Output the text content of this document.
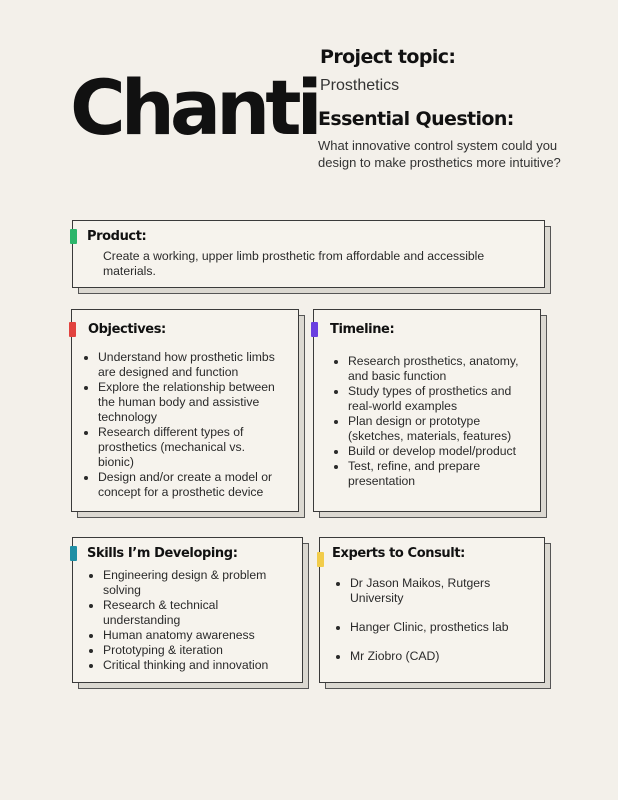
Chanti
Project topic:
Prosthetics
Essential Question:
What innovative control system could you design to make prosthetics more intuitive?
Product:
Create a working, upper limb prosthetic from affordable and accessible materials.
Objectives:
• Understand how prosthetic limbs are designed and function
• Explore the relationship between the human body and assistive technology
• Research different types of prosthetics (mechanical vs. bionic)
• Design and/or create a model or concept for a prosthetic device
Timeline:
• Research prosthetics, anatomy, and basic function
• Study types of prosthetics and real-world examples
• Plan design or prototype (sketches, materials, features)
• Build or develop model/product
• Test, refine, and prepare presentation
Skills I’m Developing:
• Engineering design & problem solving
• Research & technical understanding
• Human anatomy awareness
• Prototyping & iteration
• Critical thinking and innovation
Experts to Consult:
• Dr Jason Maikos, Rutgers University
• Hanger Clinic, prosthetics lab
• Mr Ziobro (CAD)
